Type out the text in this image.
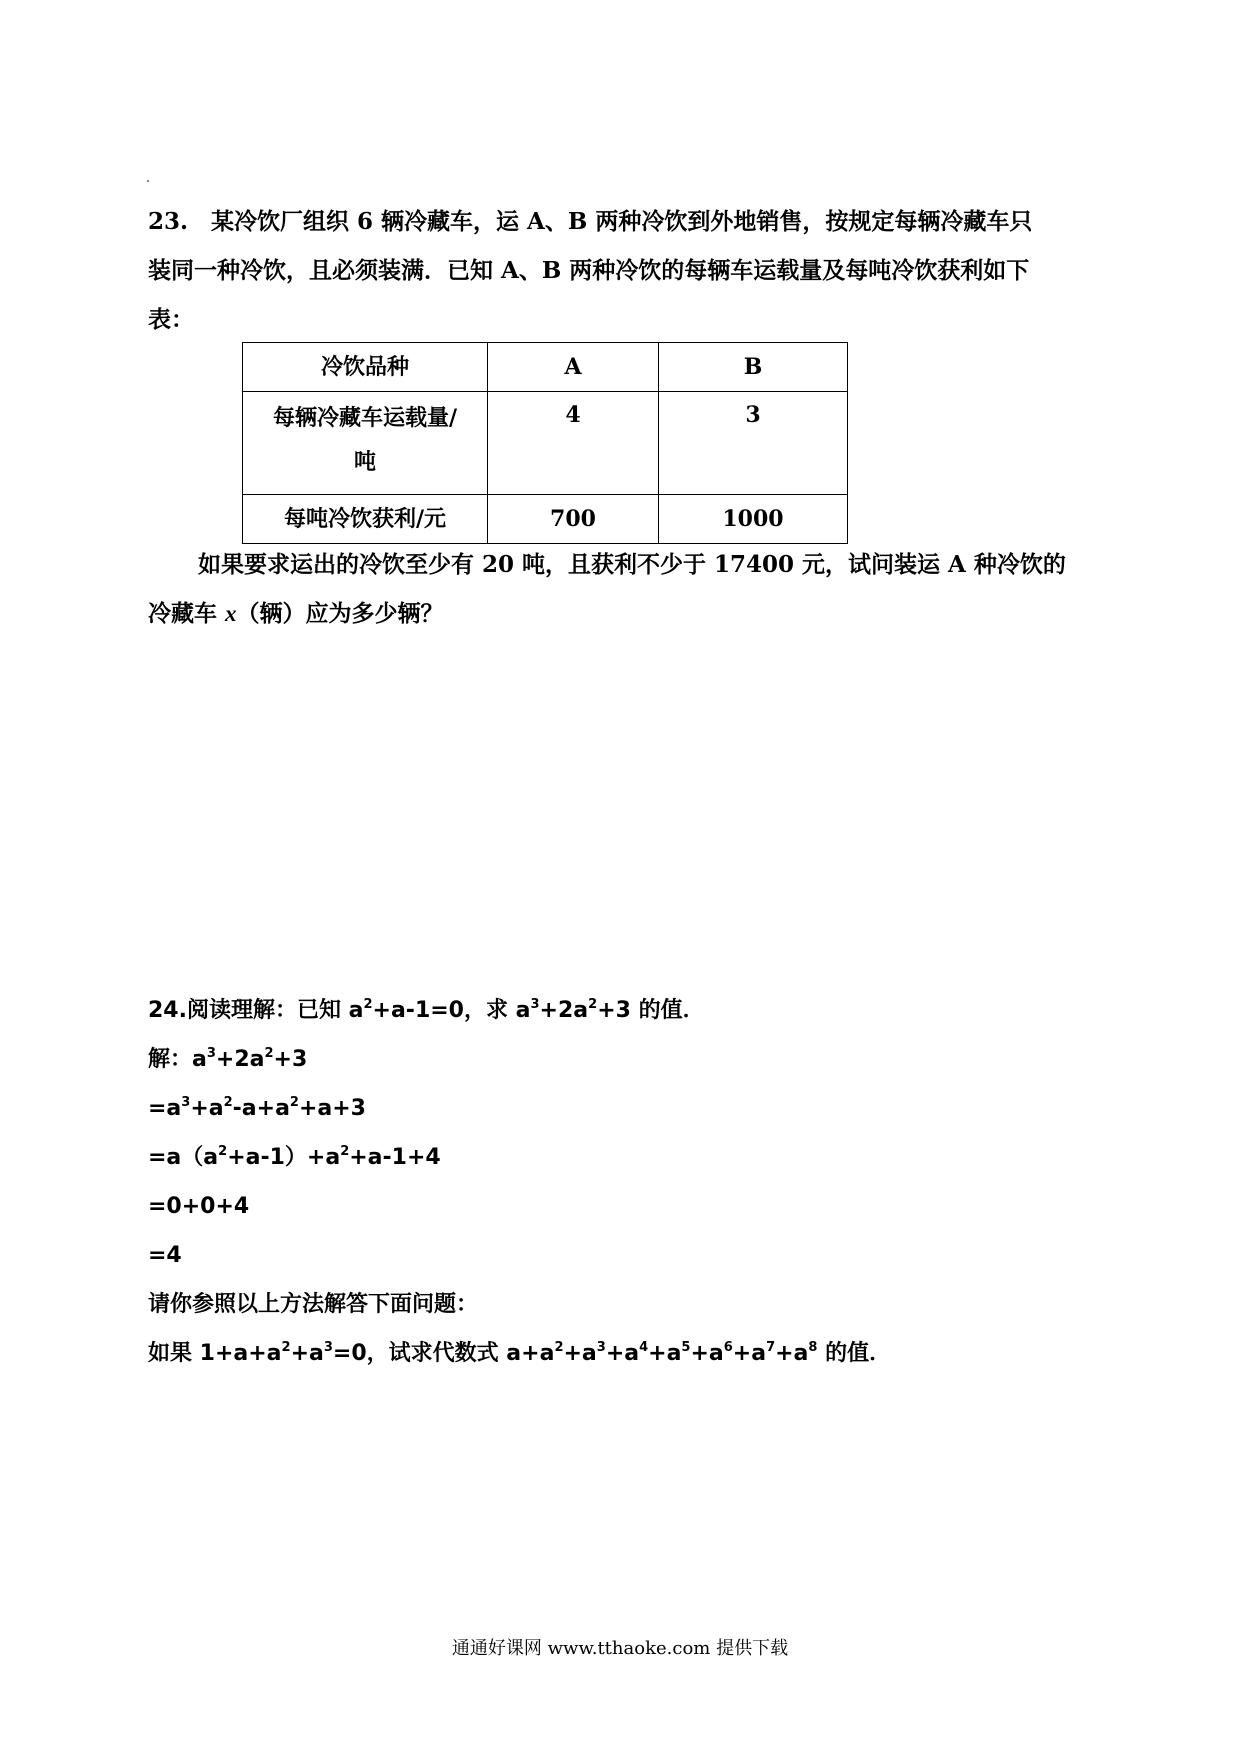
23.　某冷饮厂组织 6 辆冷藏车，运 A、B 两种冷饮到外地销售，按规定每辆冷藏车只
装同一种冷饮，且必须装满．已知 A、B 两种冷饮的每辆车运载量及每吨冷饮获利如下
表：
冷饮品种	A	B

每辆冷藏车运载量/
吨	4	3
每吨冷饮获利/元	700	1000
如果要求运出的冷饮至少有 20 吨，且获利不少于 17400 元，试问装运 A 种冷饮的
冷藏车 x（辆）应为多少辆？
24.阅读理解：已知 $a^2+a-1=0$，求 $a^3+2a^2+3$ 的值．
解：$a^3+2a^2+3$
$=a^3+a^2-a+a^2+a+3$
$=a(a^2+a-1)+a^2+a-1+4$
=0+0+4
=4
请你参照以上方法解答下面问题：
如果 $1+a+a^2+a^3=0$，试求代数式 $a+a^2+a^3+a^4+a^5+a^6+a^7+a^8$ 的值．
通通好课网 www.tthaoke.com 提供下载
